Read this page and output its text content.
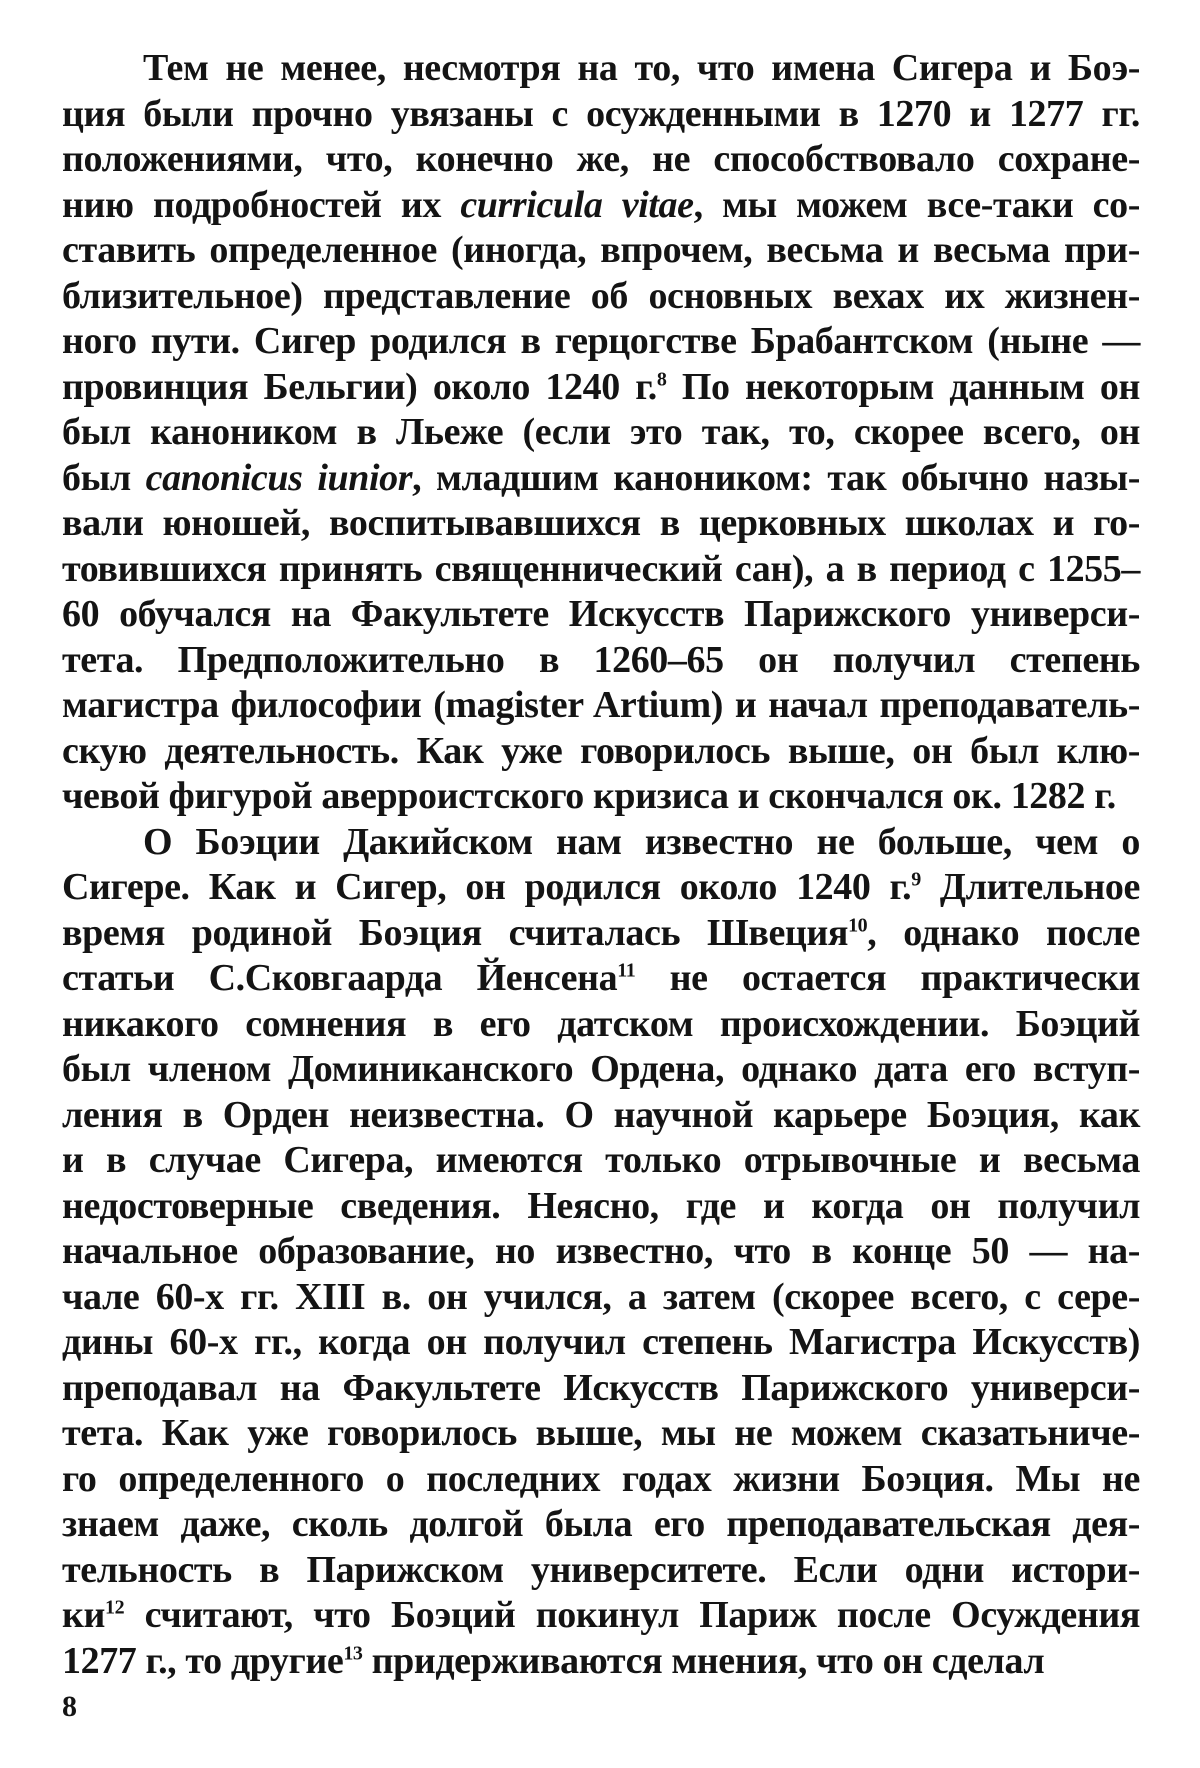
Тем не менее, несмотря на то, что имена Сигера и Боэ-
ция были прочно увязаны с осужденными в 1270 и 1277 гг.
положениями, что, конечно же, не способствовало сохране-
нию подробностей их curricula vitae, мы можем все-таки со-
ставить определенное (иногда, впрочем, весьма и весьма при-
близительное) представление об основных вехах их жизнен-
ного пути. Сигер родился в герцогстве Брабантском (ныне —
провинция Бельгии) около 1240 г.$^8$ По некоторым данным он
был каноником в Льеже (если это так, то, скорее всего, он
был canonicus iunior, младшим каноником: так обычно назы-
вали юношей, воспитывавшихся в церковных школах и го-
товившихся принять священнический сан), а в период с 1255–
60 обучался на Факультете Искусств Парижского универси-
тета. Предположительно в 1260–65 он получил степень
магистра философии (magister Artium) и начал преподаватель-
скую деятельность. Как уже говорилось выше, он был клю-
чевой фигурой аверроистского кризиса и скончался ок. 1282 г.
О Боэции Дакийском нам известно не больше, чем о
Сигере. Как и Сигер, он родился около 1240 г.$^9$ Длительное
время родиной Боэция считалась Швеция$^{10}$, однако после
статьи С.Сковгаарда Йенсена$^{11}$ не остается практически
никакого сомнения в его датском происхождении. Боэций
был членом Доминиканского Ордена, однако дата его вступ-
ления в Орден неизвестна. О научной карьере Боэция, как
и в случае Сигера, имеются только отрывочные и весьма
недостоверные сведения. Неясно, где и когда он получил
начальное образование, но известно, что в конце 50 — на-
чале 60-х гг. XIII в. он учился, а затем (скорее всего, с сере-
дины 60-х гг., когда он получил степень Магистра Искусств)
преподавал на Факультете Искусств Парижского универси-
тета. Как уже говорилось выше, мы не можем сказатьниче-
го определенного о последних годах жизни Боэция. Мы не
знаем даже, сколь долгой была его преподавательская дея-
тельность в Парижском университете. Если одни истори-
$ки^{12}$ считают, что Боэций покинул Париж после Осуждения
1277 г., то другие$^{13}$ придерживаются мнения, что он сделал
8
